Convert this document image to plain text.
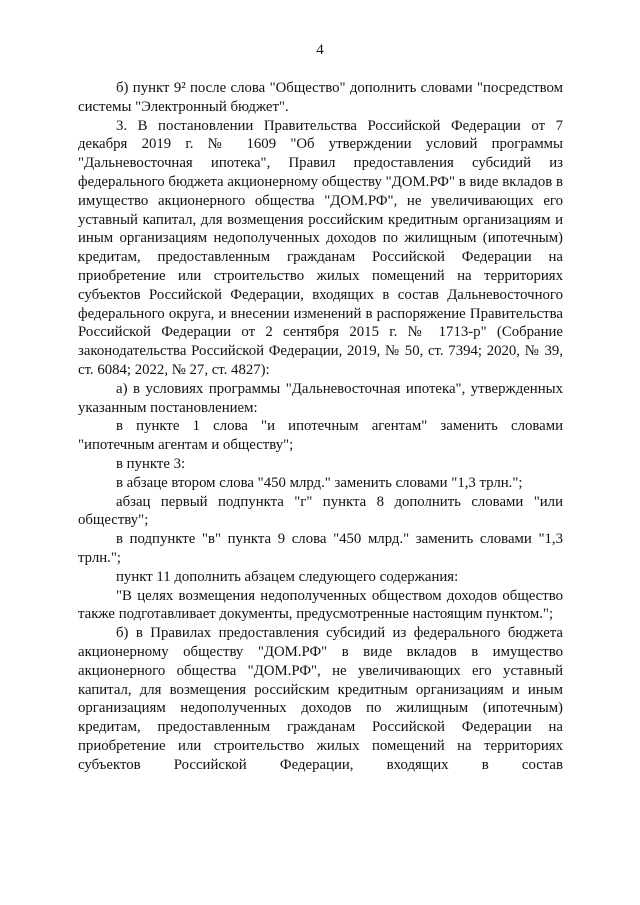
4

б) пункт 9² после слова "Общество" дополнить словами "посредством системы "Электронный бюджет".

3. В постановлении Правительства Российской Федерации от 7 декабря 2019 г. № 1609 "Об утверждении условий программы "Дальневосточная ипотека", Правил предоставления субсидий из федерального бюджета акционерному обществу "ДОМ.РФ" в виде вкладов в имущество акционерного общества "ДОМ.РФ", не увеличивающих его уставный капитал, для возмещения российским кредитным организациям и иным организациям недополученных доходов по жилищным (ипотечным) кредитам, предоставленным гражданам Российской Федерации на приобретение или строительство жилых помещений на территориях субъектов Российской Федерации, входящих в состав Дальневосточного федерального округа, и внесении изменений в распоряжение Правительства Российской Федерации от 2 сентября 2015 г. № 1713-р" (Собрание законодательства Российской Федерации, 2019, № 50, ст. 7394; 2020, № 39, ст. 6084; 2022, № 27, ст. 4827):

а) в условиях программы "Дальневосточная ипотека", утвержденных указанным постановлением:

в пункте 1 слова "и ипотечным агентам" заменить словами "ипотечным агентам и обществу";

в пункте 3:

в абзаце втором слова "450 млрд." заменить словами "1,3 трлн.";

абзац первый подпункта "г" пункта 8 дополнить словами "или обществу";

в подпункте "в" пункта 9 слова "450 млрд." заменить словами "1,3 трлн.";

пункт 11 дополнить абзацем следующего содержания:

"В целях возмещения недополученных обществом доходов общество также подготавливает документы, предусмотренные настоящим пунктом.";

б) в Правилах предоставления субсидий из федерального бюджета акционерному обществу "ДОМ.РФ" в виде вкладов в имущество акционерного общества "ДОМ.РФ", не увеличивающих его уставный капитал, для возмещения российским кредитным организациям и иным организациям недополученных доходов по жилищным (ипотечным) кредитам, предоставленным гражданам Российской Федерации на приобретение или строительство жилых помещений на территориях субъектов Российской Федерации, входящих в состав
